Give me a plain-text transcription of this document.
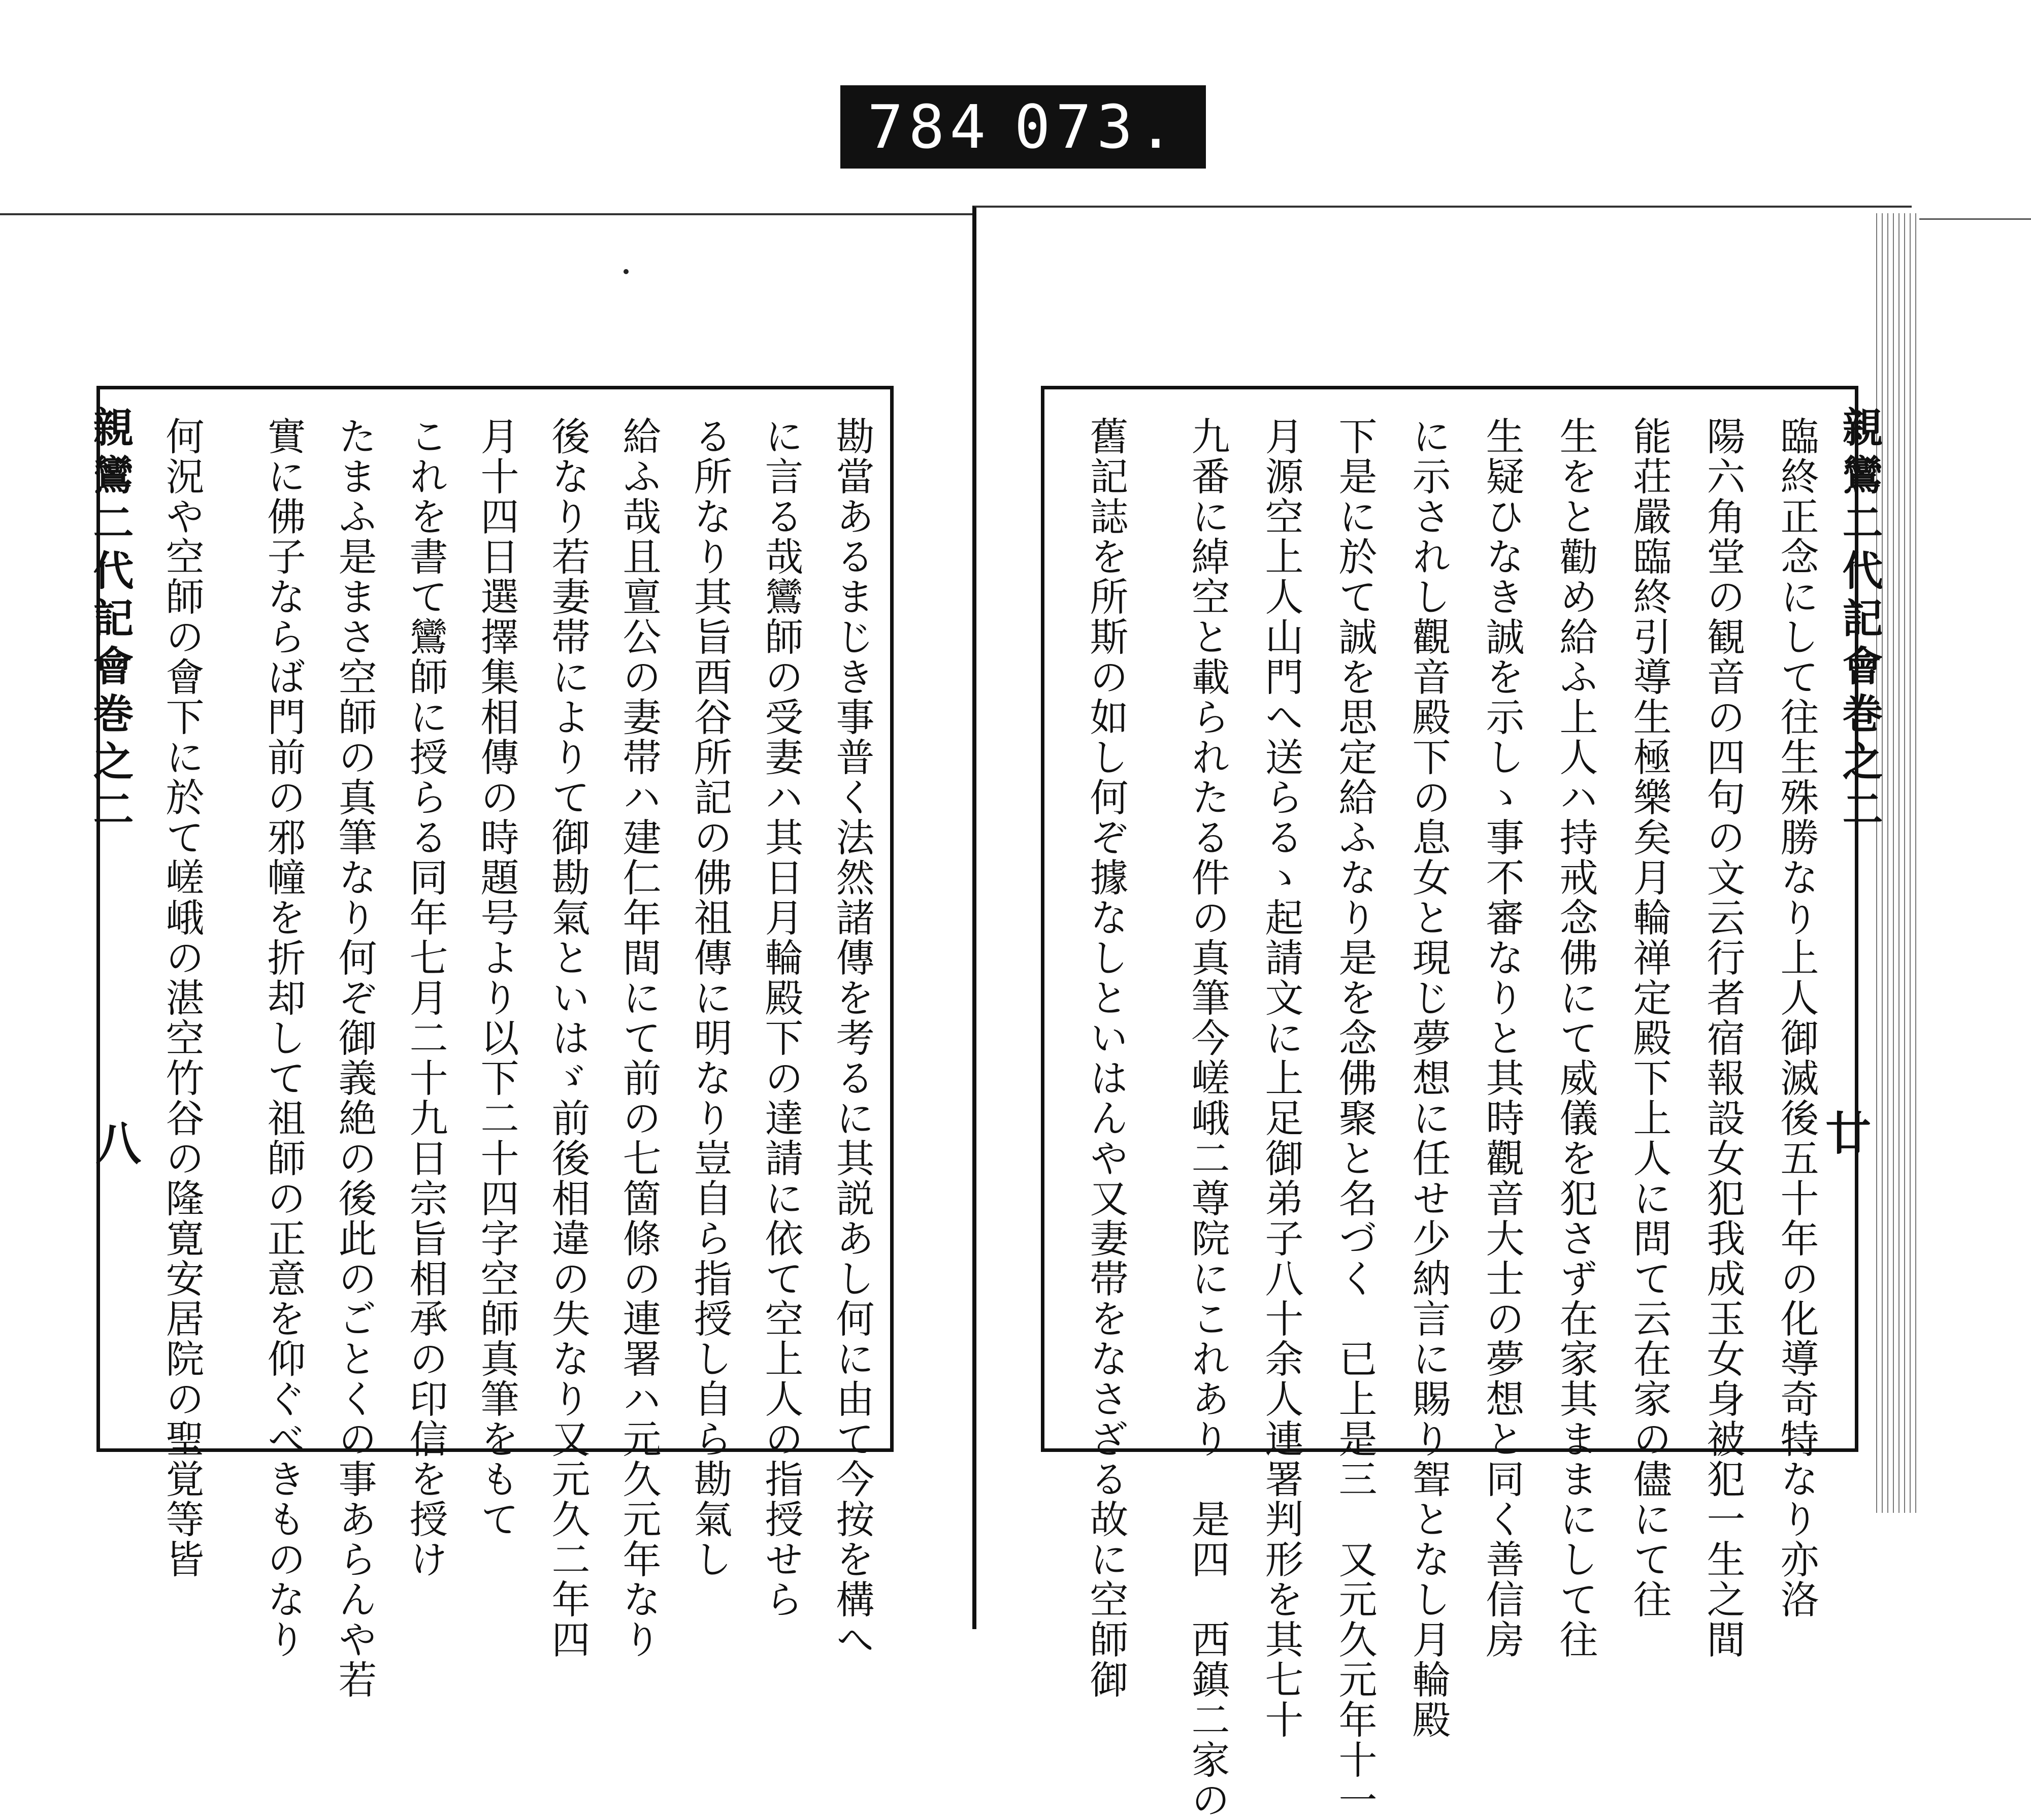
784 073.
親鸞二代記會巻之二
八
親鸞二代記會巻之二
廿
勘當あるまじき事普く法然諸傳を考るに其説あし何に由て今按を構へ
に言る哉鸞師の受妻ハ其日月輪殿下の達請に依て空上人の指授せら
る所なり其旨酉谷所記の佛祖傳に明なり豈自ら指授し自ら勘氣し
給ふ哉且亶公の妻帯ハ建仁年間にて前の七箇條の連署ハ元久元年なり
後なり若妻帯によりて御勘氣といはゞ前後相違の失なり又元久二年四
月十四日選擇集相傳の時題号より以下二十四字空師真筆をもて
これを書て鸞師に授らる同年七月二十九日宗旨相承の印信を授け
たまふ是まさ空師の真筆なり何ぞ御義絶の後此のごとくの事あらんや若
實に佛子ならば門前の邪幢を折却して祖師の正意を仰ぐべきものなり
何況や空師の會下に於て嵯峨の湛空竹谷の隆寛安居院の聖覚等皆	臨終正念にして往生殊勝なり上人御滅後五十年の化導奇特なり亦洛
陽六角堂の観音の四句の文云行者宿報設女犯我成玉女身被犯一生之間
能荘嚴臨終引導生極樂矣月輪禅定殿下上人に問て云在家の儘にて往
生をと勸め給ふ上人ハ持戒念佛にて威儀を犯さず在家其ままにして往
生疑ひなき誠を示しゝ事不審なりと其時觀音大士の夢想と同く善信房
に示されし觀音殿下の息女と現じ夢想に任せ少納言に賜り聟となし月輪殿
下是に於て誠を思定給ふなり是を念佛聚と名づく　已上是三　又元久元年十一
月源空上人山門へ送らるゝ起請文に上足御弟子八十余人連署判形を其七十
九番に綽空と載られたる件の真筆今嵯峨二尊院にこれあり　是四　西鎮二家の
舊記誌を所斯の如し何ぞ據なしといはんや又妻帯をなさざる故に空師御
